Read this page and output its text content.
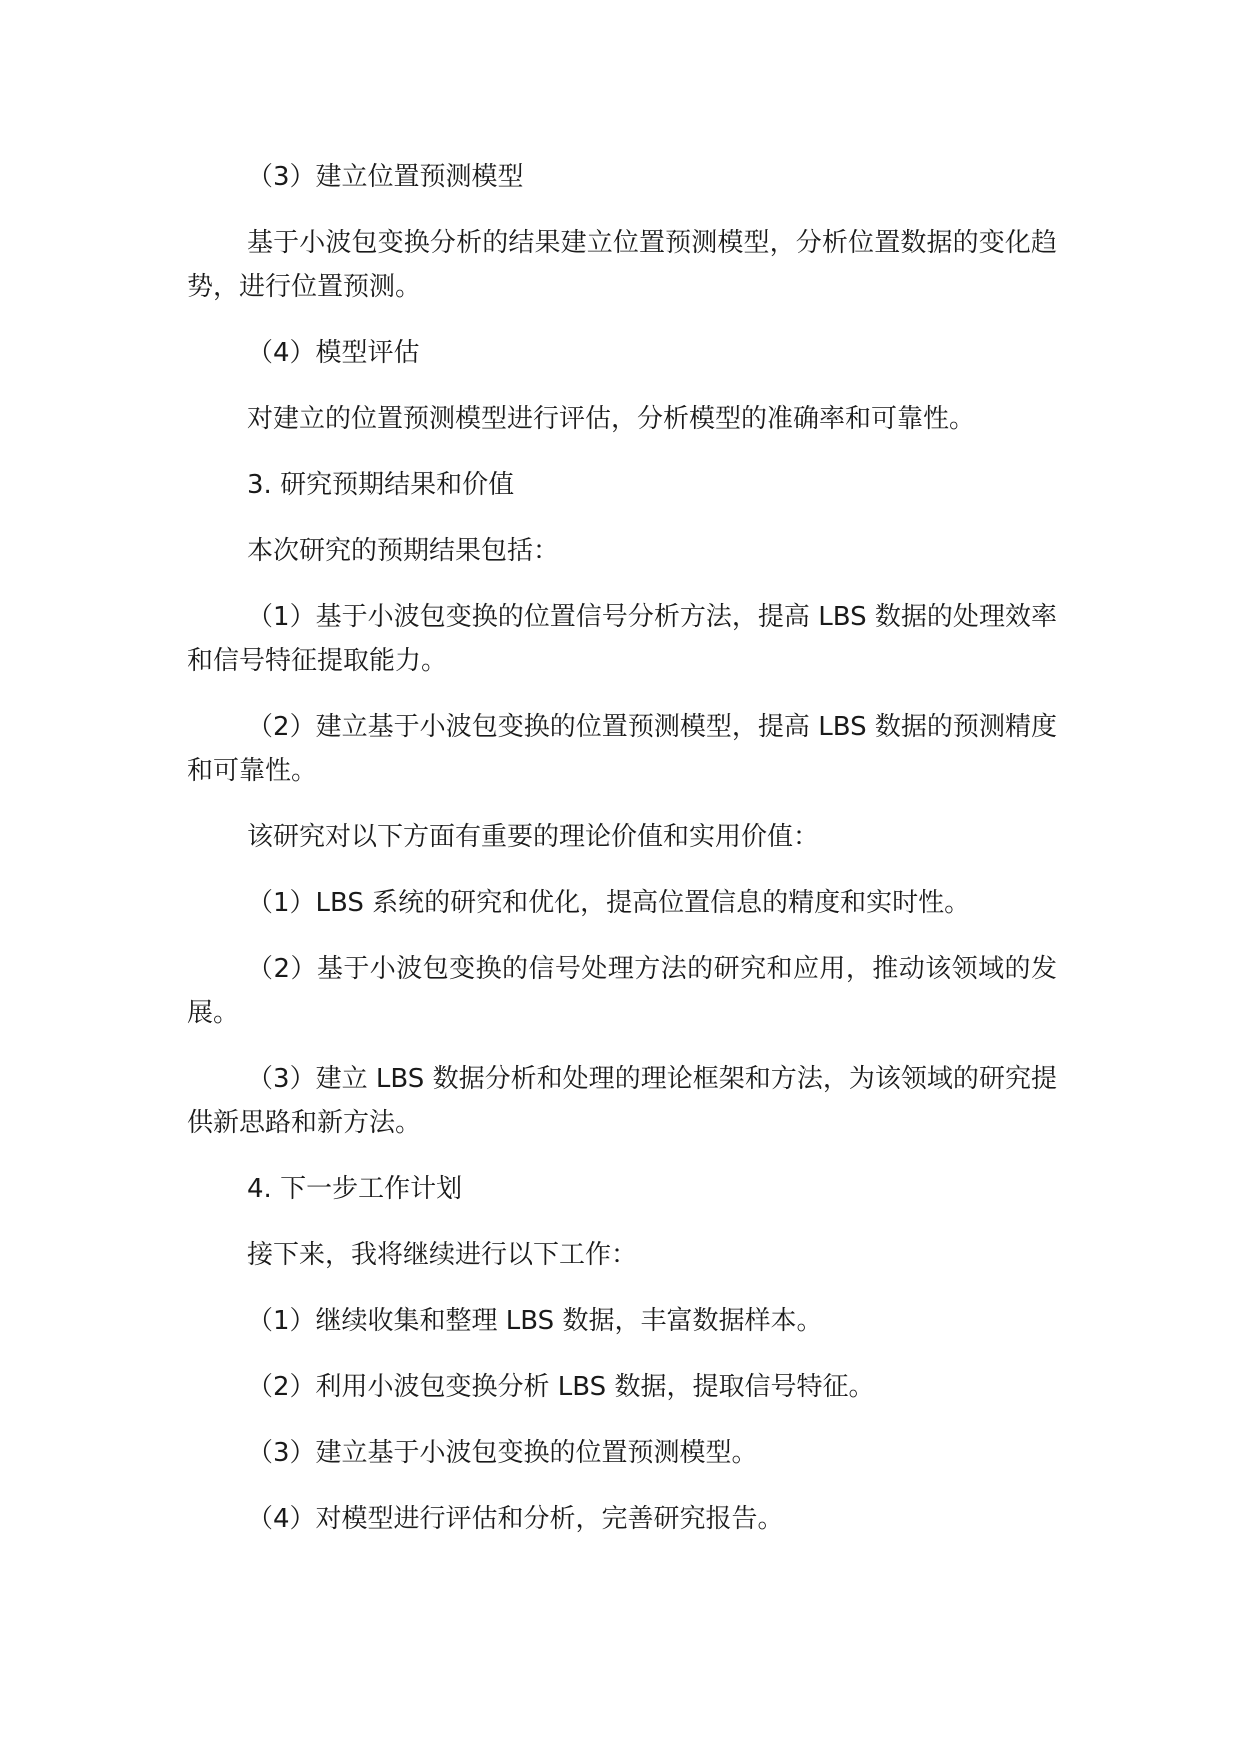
（3）建立位置预测模型

基于小波包变换分析的结果建立位置预测模型，分析位置数据的变化趋势，进行位置预测。

（4）模型评估

对建立的位置预测模型进行评估，分析模型的准确率和可靠性。

3. 研究预期结果和价值

本次研究的预期结果包括：

（1）基于小波包变换的位置信号分析方法，提高 LBS 数据的处理效率和信号特征提取能力。

（2）建立基于小波包变换的位置预测模型，提高 LBS 数据的预测精度和可靠性。

该研究对以下方面有重要的理论价值和实用价值：

（1）LBS 系统的研究和优化，提高位置信息的精度和实时性。

（2）基于小波包变换的信号处理方法的研究和应用，推动该领域的发展。

（3）建立 LBS 数据分析和处理的理论框架和方法，为该领域的研究提供新思路和新方法。

4. 下一步工作计划

接下来，我将继续进行以下工作：

（1）继续收集和整理 LBS 数据，丰富数据样本。

（2）利用小波包变换分析 LBS 数据，提取信号特征。

（3）建立基于小波包变换的位置预测模型。

（4）对模型进行评估和分析，完善研究报告。
